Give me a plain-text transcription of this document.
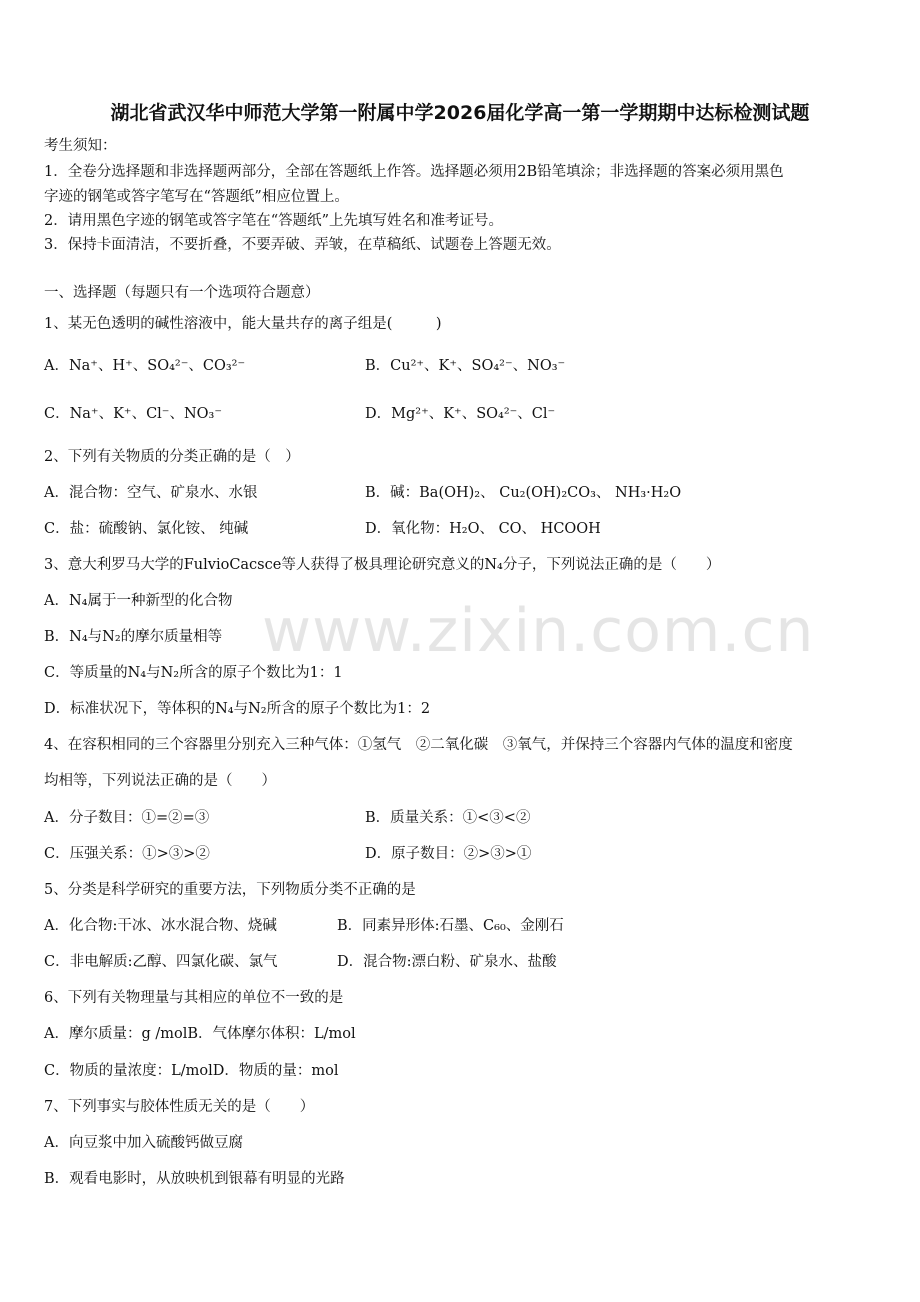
www.zixin.com.cn
湖北省武汉华中师范大学第一附属中学2026届化学高一第一学期期中达标检测试题
考生须知：
1．全卷分选择题和非选择题两部分，全部在答题纸上作答。选择题必须用2B铅笔填涂；非选择题的答案必须用黑色
字迹的钢笔或答字笔写在“答题纸”相应位置上。
2．请用黑色字迹的钢笔或答字笔在“答题纸”上先填写姓名和准考证号。
3．保持卡面清洁，不要折叠，不要弄破、弄皱，在草稿纸、试题卷上答题无效。
一、选择题（每题只有一个选项符合题意）
1、某无色透明的碱性溶液中，能大量共存的离子组是(　　　)
A．Na⁺、H⁺、SO₄²⁻、CO₃²⁻	B．Cu²⁺、K⁺、SO₄²⁻、NO₃⁻
C．Na⁺、K⁺、Cl⁻、NO₃⁻	D．Mg²⁺、K⁺、SO₄²⁻、Cl⁻
2、下列有关物质的分类正确的是（　）
A．混合物：空气、矿泉水、水银	B．碱：Ba(OH)₂、 Cu₂(OH)₂CO₃、 NH₃·H₂O
C．盐：硫酸钠、氯化铵、 纯碱	D．氧化物：H₂O、 CO、 HCOOH
3、意大利罗马大学的FulvioCacsce等人获得了极具理论研究意义的N₄分子，下列说法正确的是（　　）
A．N₄属于一种新型的化合物
B．N₄与N₂的摩尔质量相等
C．等质量的N₄与N₂所含的原子个数比为1：1
D．标准状况下，等体积的N₄与N₂所含的原子个数比为1：2
4、在容积相同的三个容器里分别充入三种气体：①氢气　②二氧化碳　③氧气，并保持三个容器内气体的温度和密度
均相等，下列说法正确的是（　　）
A．分子数目：①=②=③	B．质量关系：①<③<②
C．压强关系：①>③>②	D．原子数目：②>③>①
5、分类是科学研究的重要方法，下列物质分类不正确的是
A．化合物:干冰、冰水混合物、烧碱	B．同素异形体:石墨、C₆₀、金刚石
C．非电解质:乙醇、四氯化碳、氯气	D．混合物:漂白粉、矿泉水、盐酸
6、下列有关物理量与其相应的单位不一致的是
A．摩尔质量：g /molB．气体摩尔体积：L/mol
C．物质的量浓度：L/molD．物质的量：mol
7、下列事实与胶体性质无关的是（　　）
A．向豆浆中加入硫酸钙做豆腐
B．观看电影时，从放映机到银幕有明显的光路
